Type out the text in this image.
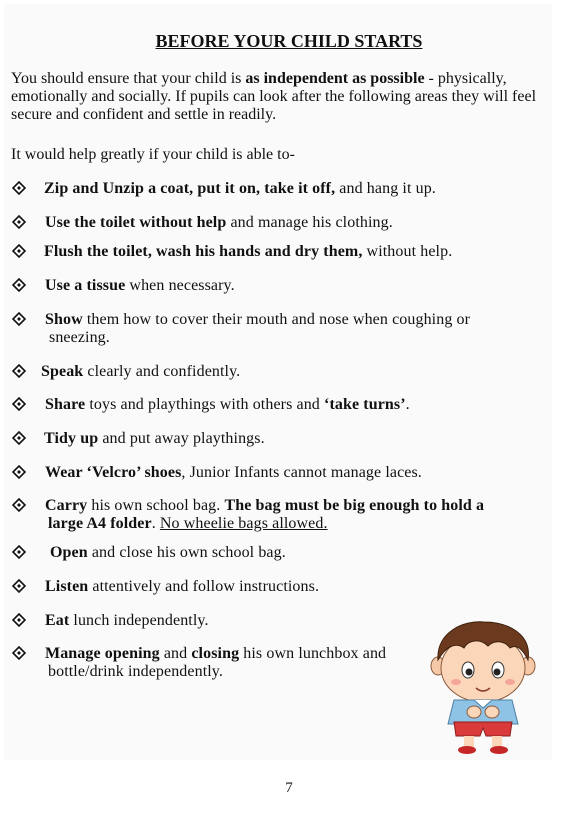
BEFORE YOUR CHILD STARTS
You should ensure that your child is as independent as possible - physically, emotionally and socially. If pupils can look after the following areas they will feel secure and confident and settle in readily.
It would help greatly if your child is able to-
Zip and Unzip a coat, put it on, take it off, and hang it up.
Use the toilet without help and manage his clothing.
Flush the toilet, wash his hands and dry them, without help.
Use a tissue when necessary.
Show them how to cover their mouth and nose when coughing or
sneezing.
Speak clearly and confidently.
Share toys and playthings with others and ‘take turns’.
Tidy up and put away playthings.
Wear ‘Velcro’ shoes, Junior Infants cannot manage laces.
Carry his own school bag. The bag must be big enough to hold a
large A4 folder. No wheelie bags allowed.
Open and close his own school bag.
Listen attentively and follow instructions.
Eat lunch independently.
Manage opening and closing his own lunchbox and
bottle/drink independently.
7
